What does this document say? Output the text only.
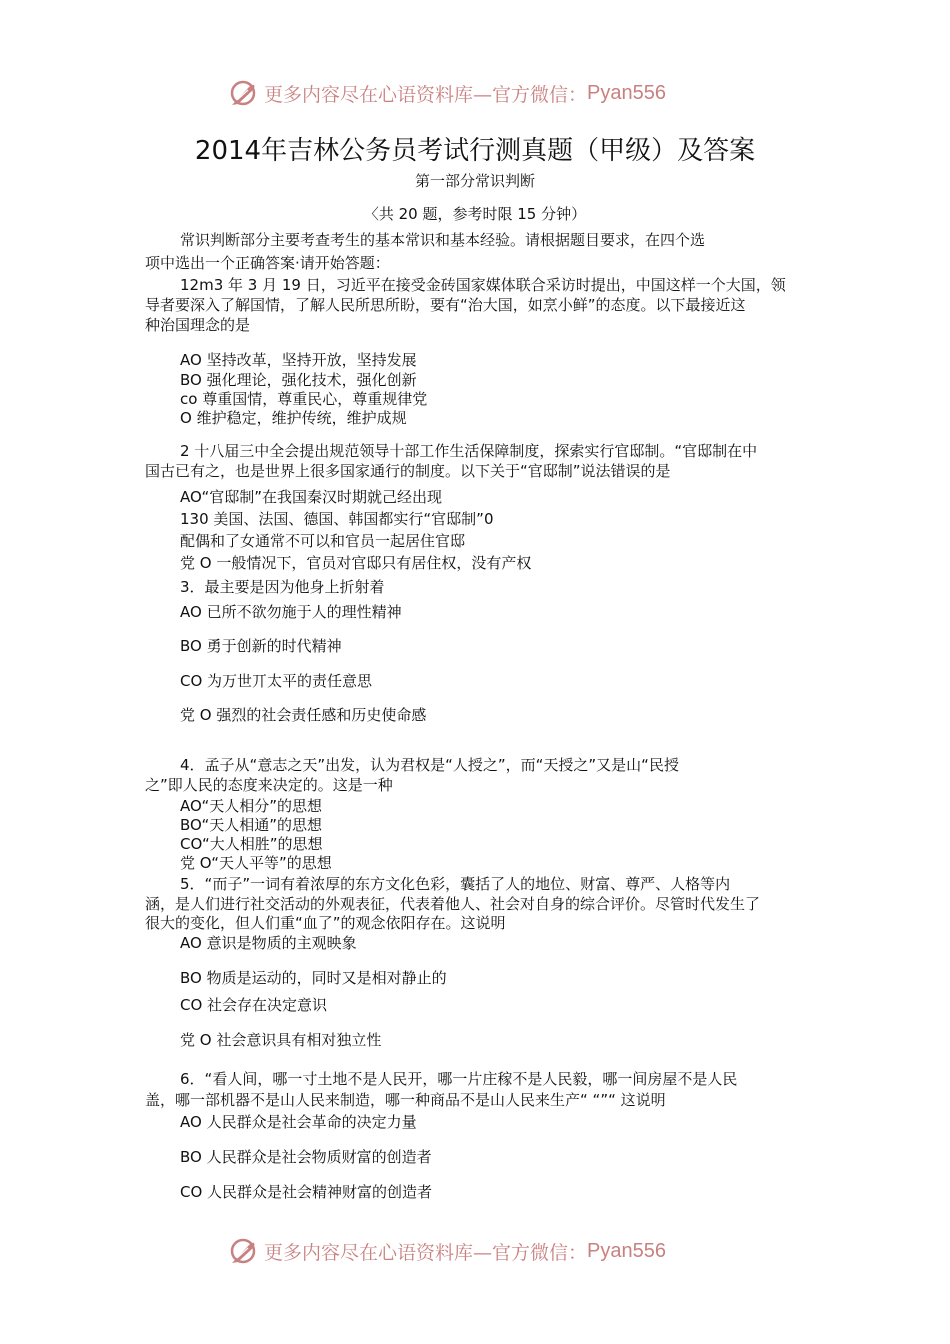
更多内容尽在心语资料库—官方微信： Pyan556
2014年吉林公务员考试行测真题（甲级）及答案
第一部分常识判断
〈共 20 题，参考时限 15 分钟）
常识判断部分主要考查考生的基本常识和基本经验。请根据题目要求，在四个选
项中选出一个正确答案·请开始答题：
12m3 年 3 月 19 日，习近平在接受金砖国家媒体联合采访时提出，中国这样一个大国，领
导者要深入了解国情，了解人民所思所盼，要有“治大国，如烹小鲜”的态度。以下最接近这
种治国理念的是
AO 坚持改革，坚持开放，坚持发展
BO 强化理论，强化技术，强化创新
co 尊重国情，尊重民心，尊重规律党
O 维护稳定，维护传统，维护成规
2 十八届三中全会提出规范领导十部工作生活保障制度，探索实行官邸制。“官邸制在中
国古已有之，也是世界上很多国家通行的制度。以下关于“官邸制”说法错误的是
AO“官邸制”在我国秦汉时期就己经出现
130 美国、法国、德国、韩国都实行“官邸制”0
配偶和了女通常不可以和官员一起居住官邸
党 O 一般情况下，官员对官邸只有居住权，没有产权
3．最主要是因为他身上折射着
AO 已所不欲勿施于人的理性精神
BO 勇于创新的时代精神
CO 为万世丌太平的责任意思
党 O 强烈的社会责任感和历史使命感
4．孟子从“意志之天”出发，认为君权是“人授之”，而“天授之”又是山“民授
之”即人民的态度来决定的。这是一种
AO“天人相分”的思想
BO“天人相通”的思想
CO“大人相胜”的思想
党 O“天人平等”的思想
5．“而子”一词有着浓厚的东方文化色彩，囊括了人的地位、财富、尊严、人格等内
涵，是人们进行社交活动的外观表征，代表着他人、社会对自身的综合评价。尽管时代发生了
很大的变化，但人们重“血了”的观念依阳存在。这说明
AO 意识是物质的主观映象
BO 物质是运动的，同时又是相对静止的
CO 社会存在决定意识
党 O 社会意识具有相对独立性
6．“看人间，哪一寸土地不是人民开，哪一片庄稼不是人民毅，哪一间房屋不是人民
盖，哪一部机器不是山人民来制造，哪一种商品不是山人民来生产“ “”“ 这说明
AO 人民群众是社会革命的决定力量
BO 人民群众是社会物质财富的创造者
CO 人民群众是社会精神财富的创造者
更多内容尽在心语资料库—官方微信： Pyan556
